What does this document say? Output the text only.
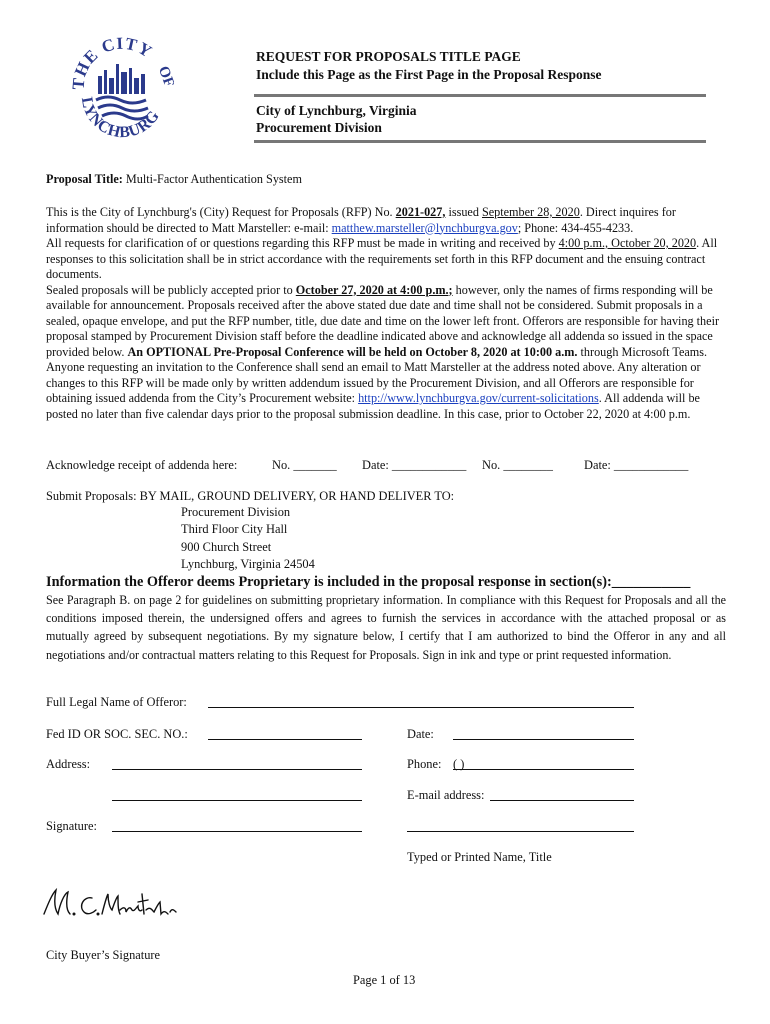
THE CITY
OF
LYNCHBURG
REQUEST FOR PROPOSALS TITLE PAGE
Include this Page as the First Page in the Proposal Response
City of Lynchburg, Virginia
Procurement Division
Proposal Title: Multi-Factor Authentication System
This is the City of Lynchburg's (City) Request for Proposals (RFP) No. 2021-027, issued September 28, 2020. Direct inquires for information should be directed to Matt Marsteller: e-mail: matthew.marsteller@lynchburgva.gov; Phone: 434-455-4233.
All requests for clarification of or questions regarding this RFP must be made in writing and received by 4:00 p.m., October 20, 2020. All responses to this solicitation shall be in strict accordance with the requirements set forth in this RFP document and the ensuing contract documents.
Sealed proposals will be publicly accepted prior to October 27, 2020 at 4:00 p.m.; however, only the names of firms responding will be available for announcement. Proposals received after the above stated due date and time shall not be considered. Submit proposals in a sealed, opaque envelope, and put the RFP number, title, due date and time on the lower left front. Offerors are responsible for having their proposal stamped by Procurement Division staff before the deadline indicated above and acknowledge all addenda so issued in the space provided below. An OPTIONAL Pre-Proposal Conference will be held on October 8, 2020 at 10:00 a.m. through Microsoft Teams. Anyone requesting an invitation to the Conference shall send an email to Matt Marsteller at the address noted above. Any alteration or changes to this RFP will be made only by written addendum issued by the Procurement Division, and all Offerors are responsible for obtaining issued addenda from the City’s Procurement website: http://www.lynchburgva.gov/current-solicitations. All addenda will be posted no later than five calendar days prior to the proposal submission deadline. In this case, prior to October 22, 2020 at 4:00 p.m.
Acknowledge receipt of addenda here:	No. _______ Date: ____________ No. ________	Date: ____________
Submit Proposals: BY MAIL, GROUND DELIVERY, OR HAND DELIVER TO:
Procurement Division
Third Floor City Hall
900 Church Street
Lynchburg, Virginia 24504
Information the Offeror deems Proprietary is included in the proposal response in section(s):___________
See Paragraph B. on page 2 for guidelines on submitting proprietary information. In compliance with this Request for Proposals and all the conditions imposed therein, the undersigned offers and agrees to furnish the services in accordance with the attached proposal or as mutually agreed by subsequent negotiations. By my signature below, I certify that I am authorized to bind the Offeror in any and all negotiations and/or contractual matters relating to this Request for Proposals. Sign in ink and type or print requested information.
Full Legal Name of Offeror:
Fed ID OR SOC. SEC. NO.:	Date:
Address:	Phone: ( )
E-mail address:
Signature:
Typed or Printed Name, Title
City Buyer’s Signature
Page 1 of 13
